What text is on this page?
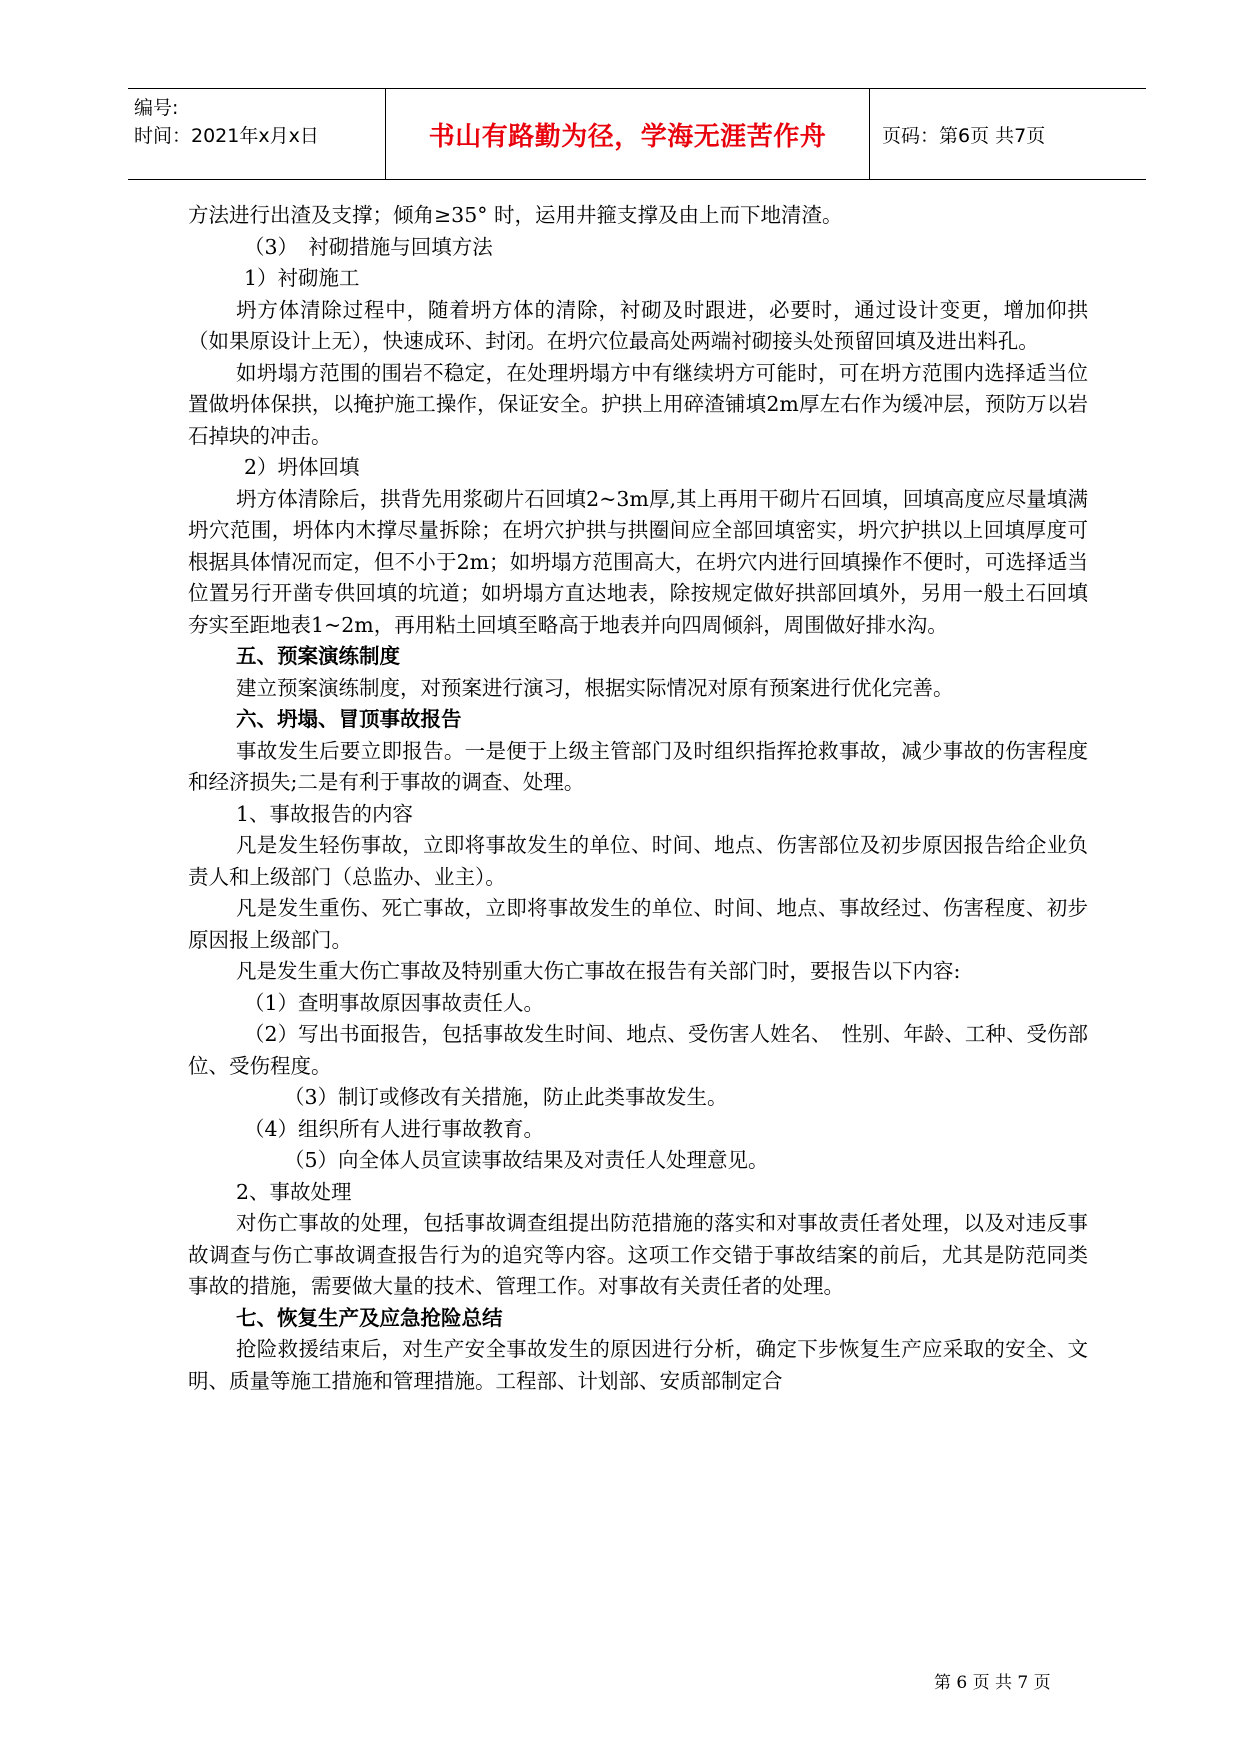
编号:
时间：2021年x月x日	书山有路勤为径，学海无涯苦作舟	页码：第6页 共7页

方法进行出渣及支撑；倾角≥35° 时，运用井箍支撑及由上而下地清渣。

（3）　衬砌措施与回填方法

1）衬砌施工

坍方体清除过程中，随着坍方体的清除，衬砌及时跟进，必要时，通过设计变更，增加仰拱（如果原设计上无），快速成环、封闭。在坍穴位最高处两端衬砌接头处预留回填及进出料孔。

如坍塌方范围的围岩不稳定，在处理坍塌方中有继续坍方可能时，可在坍方范围内选择适当位置做坍体保拱，以掩护施工操作，保证安全。护拱上用碎渣铺填2m厚左右作为缓冲层，预防万以岩石掉块的冲击。

2）坍体回填

坍方体清除后，拱背先用浆砌片石回填2~3m厚,其上再用干砌片石回填，回填高度应尽量填满坍穴范围，坍体内木撑尽量拆除；在坍穴护拱与拱圈间应全部回填密实，坍穴护拱以上回填厚度可根据具体情况而定，但不小于2m；如坍塌方范围高大，在坍穴内进行回填操作不便时，可选择适当位置另行开凿专供回填的坑道；如坍塌方直达地表，除按规定做好拱部回填外，另用一般土石回填夯实至距地表1~2m，再用粘土回填至略高于地表并向四周倾斜，周围做好排水沟。

五、预案演练制度

建立预案演练制度，对预案进行演习，根据实际情况对原有预案进行优化完善。

六、坍塌、冒顶事故报告

事故发生后要立即报告。一是便于上级主管部门及时组织指挥抢救事故，减少事故的伤害程度和经济损失;二是有利于事故的调查、处理。

1、事故报告的内容

凡是发生轻伤事故，立即将事故发生的单位、时间、地点、伤害部位及初步原因报告给企业负责人和上级部门（总监办、业主）。

凡是发生重伤、死亡事故，立即将事故发生的单位、时间、地点、事故经过、伤害程度、初步原因报上级部门。

凡是发生重大伤亡事故及特别重大伤亡事故在报告有关部门时，要报告以下内容:

（1）查明事故原因事故责任人。

（2）写出书面报告，包括事故发生时间、地点、受伤害人姓名、　性别、年龄、工种、受伤部位、受伤程度。

（3）制订或修改有关措施，防止此类事故发生。

（4）组织所有人进行事故教育。

（5）向全体人员宣读事故结果及对责任人处理意见。

2、事故处理

对伤亡事故的处理，包括事故调查组提出防范措施的落实和对事故责任者处理，以及对违反事故调查与伤亡事故调查报告行为的追究等内容。这项工作交错于事故结案的前后，尤其是防范同类事故的措施，需要做大量的技术、管理工作。对事故有关责任者的处理。

七、恢复生产及应急抢险总结

抢险救援结束后，对生产安全事故发生的原因进行分析，确定下步恢复生产应采取的安全、文明、质量等施工措施和管理措施。工程部、计划部、安质部制定合

第 6 页 共 7 页
